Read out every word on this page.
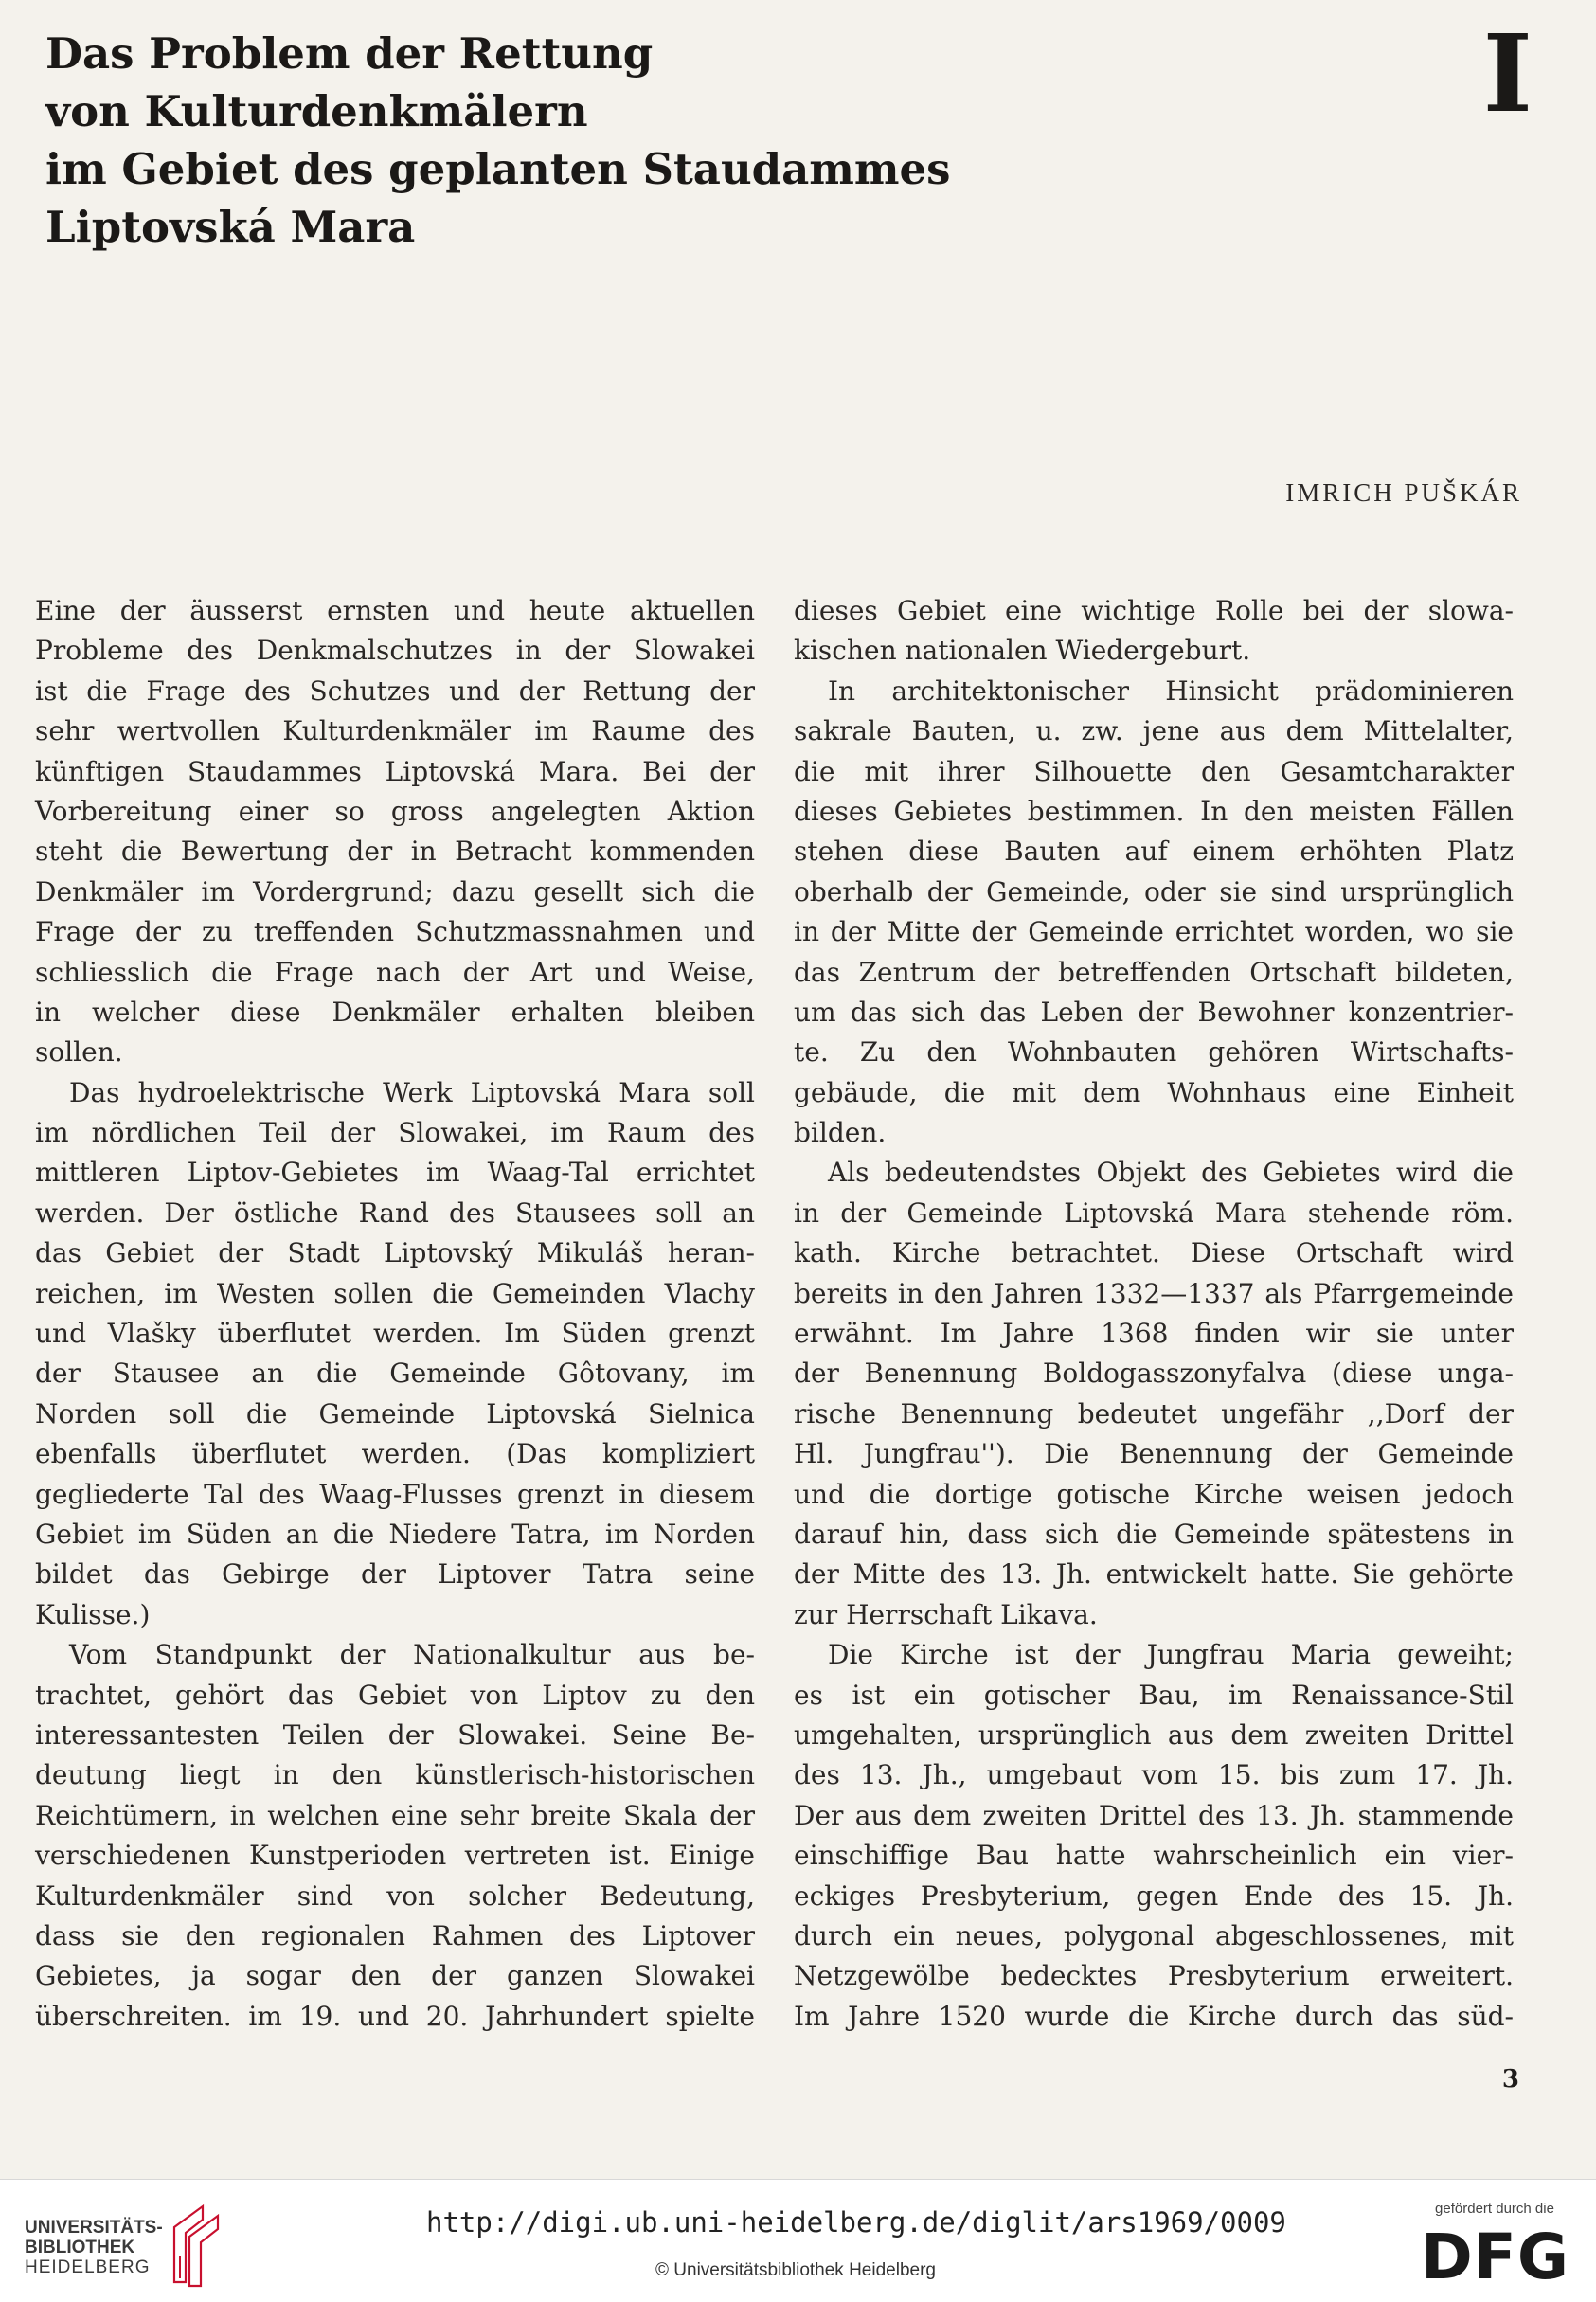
Das Problem der Rettung
von Kulturdenkmälern
im Gebiet des geplanten Staudammes
Liptovská Mara
I
IMRICH PUŠKÁR
Eine der äusserst ernsten und heute aktuellen
Probleme des Denkmalschutzes in der Slowakei
ist die Frage des Schutzes und der Rettung der
sehr wertvollen Kulturdenkmäler im Raume des
künftigen Staudammes Liptovská Mara. Bei der
Vorbereitung einer so gross angelegten Aktion
steht die Bewertung der in Betracht kommenden
Denkmäler im Vordergrund; dazu gesellt sich die
Frage der zu treffenden Schutzmassnahmen und
schliesslich die Frage nach der Art und Weise,
in welcher diese Denkmäler erhalten bleiben
sollen.
Das hydroelektrische Werk Liptovská Mara soll
im nördlichen Teil der Slowakei, im Raum des
mittleren Liptov-Gebietes im Waag-Tal errichtet
werden. Der östliche Rand des Stausees soll an
das Gebiet der Stadt Liptovský Mikuláš heran-
reichen, im Westen sollen die Gemeinden Vlachy
und Vlašky überflutet werden. Im Süden grenzt
der Stausee an die Gemeinde Gôtovany, im
Norden soll die Gemeinde Liptovská Sielnica
ebenfalls überflutet werden. (Das kompliziert
gegliederte Tal des Waag-Flusses grenzt in diesem
Gebiet im Süden an die Niedere Tatra, im Norden
bildet das Gebirge der Liptover Tatra seine
Kulisse.)
Vom Standpunkt der Nationalkultur aus be-
trachtet, gehört das Gebiet von Liptov zu den
interessantesten Teilen der Slowakei. Seine Be-
deutung liegt in den künstlerisch-historischen
Reichtümern, in welchen eine sehr breite Skala der
verschiedenen Kunstperioden vertreten ist. Einige
Kulturdenkmäler sind von solcher Bedeutung,
dass sie den regionalen Rahmen des Liptover
Gebietes, ja sogar den der ganzen Slowakei
überschreiten. im 19. und 20. Jahrhundert spielte
dieses Gebiet eine wichtige Rolle bei der slowa-
kischen nationalen Wiedergeburt.
In architektonischer Hinsicht prädominieren
sakrale Bauten, u. zw. jene aus dem Mittelalter,
die mit ihrer Silhouette den Gesamtcharakter
dieses Gebietes bestimmen. In den meisten Fällen
stehen diese Bauten auf einem erhöhten Platz
oberhalb der Gemeinde, oder sie sind ursprünglich
in der Mitte der Gemeinde errichtet worden, wo sie
das Zentrum der betreffenden Ortschaft bildeten,
um das sich das Leben der Bewohner konzentrier-
te. Zu den Wohnbauten gehören Wirtschafts-
gebäude, die mit dem Wohnhaus eine Einheit
bilden.
Als bedeutendstes Objekt des Gebietes wird die
in der Gemeinde Liptovská Mara stehende röm.
kath. Kirche betrachtet. Diese Ortschaft wird
bereits in den Jahren 1332—1337 als Pfarrgemeinde
erwähnt. Im Jahre 1368 finden wir sie unter
der Benennung Boldogasszonyfalva (diese unga-
rische Benennung bedeutet ungefähr ,,Dorf der
Hl. Jungfrau''). Die Benennung der Gemeinde
und die dortige gotische Kirche weisen jedoch
darauf hin, dass sich die Gemeinde spätestens in
der Mitte des 13. Jh. entwickelt hatte. Sie gehörte
zur Herrschaft Likava.
Die Kirche ist der Jungfrau Maria geweiht;
es ist ein gotischer Bau, im Renaissance-Stil
umgehalten, ursprünglich aus dem zweiten Drittel
des 13. Jh., umgebaut vom 15. bis zum 17. Jh.
Der aus dem zweiten Drittel des 13. Jh. stammende
einschiffige Bau hatte wahrscheinlich ein vier-
eckiges Presbyterium, gegen Ende des 15. Jh.
durch ein neues, polygonal abgeschlossenes, mit
Netzgewölbe bedecktes Presbyterium erweitert.
Im Jahre 1520 wurde die Kirche durch das süd-
3
UNIVERSITÄTS-
BIBLIOTHEK
HEIDELBERG
http://digi.ub.uni-heidelberg.de/diglit/ars1969/0009
© Universitätsbibliothek Heidelberg
gefördert durch die
DFG
